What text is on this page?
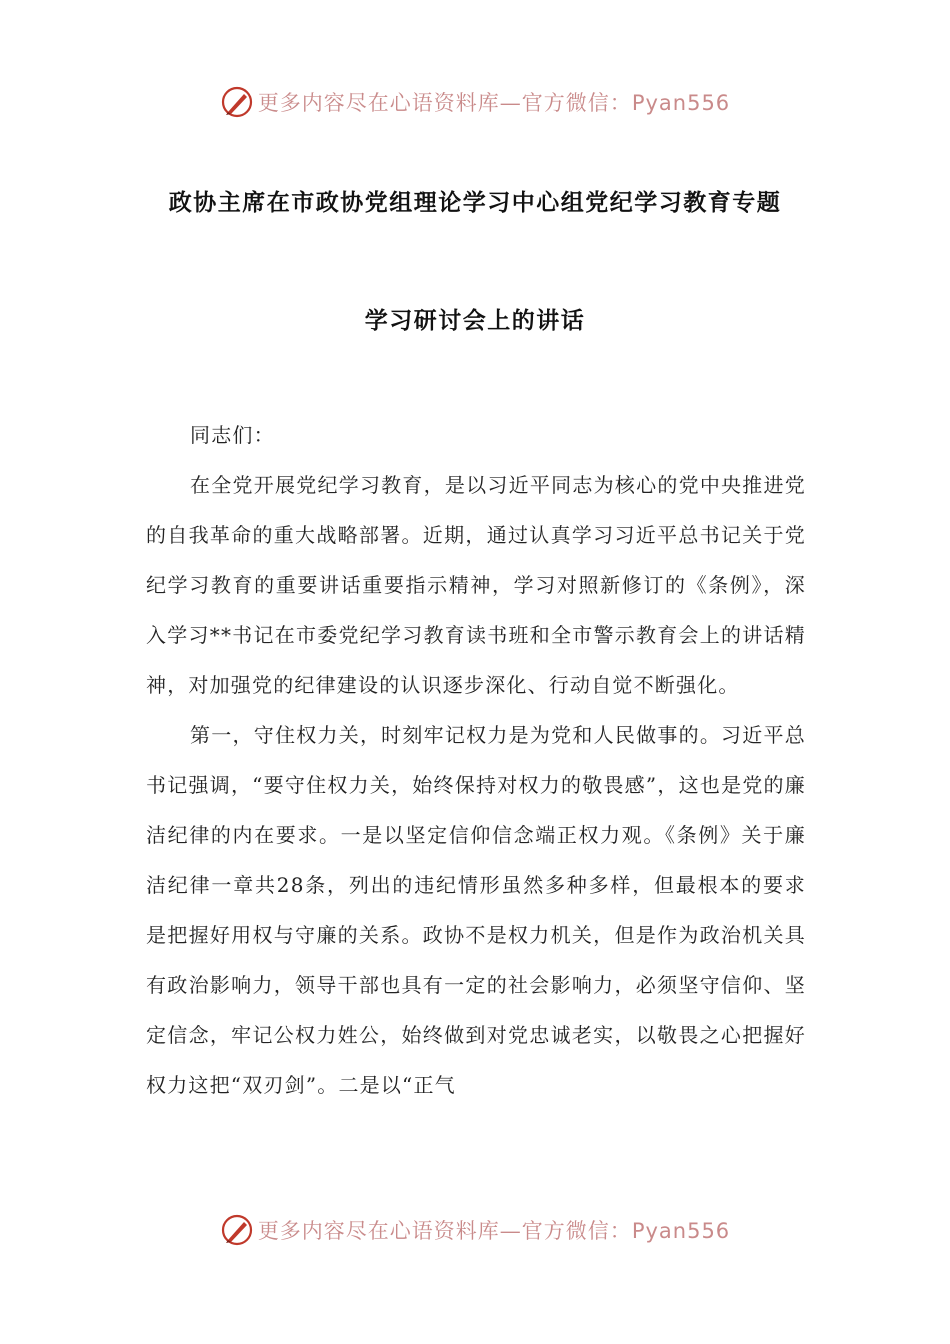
更多内容尽在心语资料库—官方微信：Pyan556
政协主席在市政协党组理论学习中心组党纪学习教育专题
学习研讨会上的讲话

同志们：

在全党开展党纪学习教育，是以习近平同志为核心的党中央推进党的自我革命的重大战略部署。近期，通过认真学习习近平总书记关于党纪学习教育的重要讲话重要指示精神，学习对照新修订的《条例》，深入学习**书记在市委党纪学习教育读书班和全市警示教育会上的讲话精神，对加强党的纪律建设的认识逐步深化、行动自觉不断强化。

第一，守住权力关，时刻牢记权力是为党和人民做事的。习近平总书记强调，“要守住权力关，始终保持对权力的敬畏感”，这也是党的廉洁纪律的内在要求。一是以坚定信仰信念端正权力观。《条例》关于廉洁纪律一章共28条，列出的违纪情形虽然多种多样，但最根本的要求是把握好用权与守廉的关系。政协不是权力机关，但是作为政治机关具有政治影响力，领导干部也具有一定的社会影响力，必须坚守信仰、坚定信念，牢记公权力姓公，始终做到对党忠诚老实，以敬畏之心把握好权力这把“双刃剑”。二是以“正气

更多内容尽在心语资料库—官方微信：Pyan556
